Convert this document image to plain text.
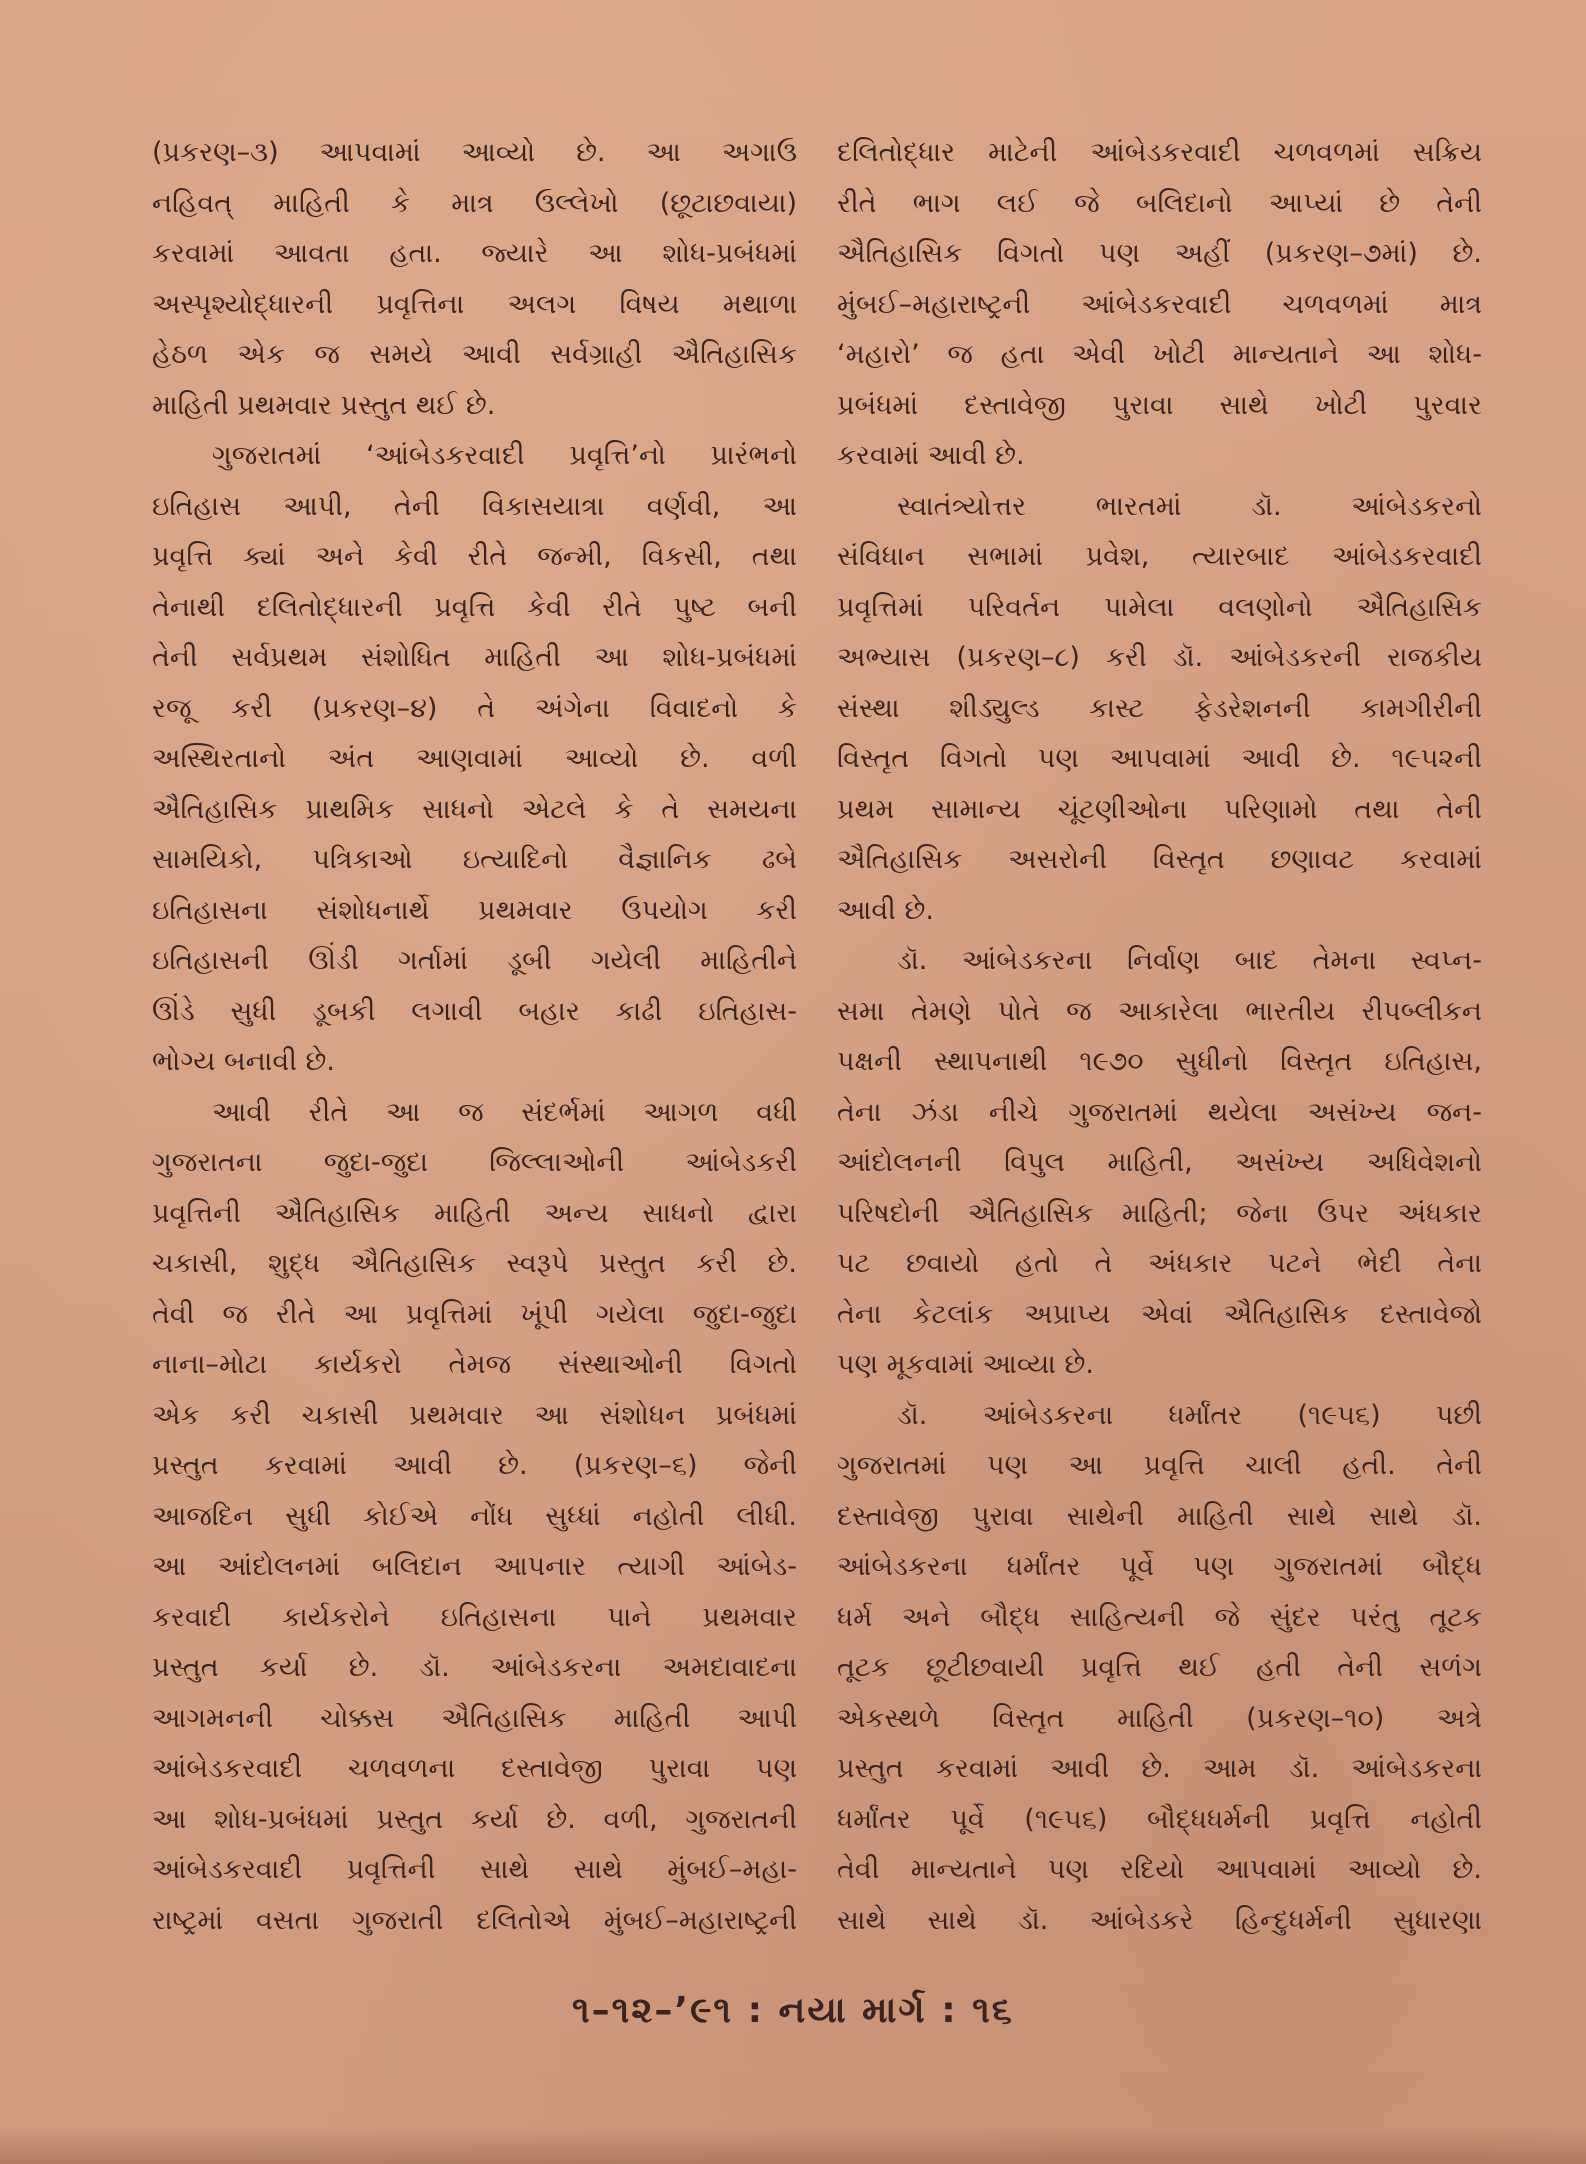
(પ્રકરણ–૩) આપવામાં આવ્યો છે. આ અગાઉ
નહિવત્ માહિતી કે માત્ર ઉલ્લેખો (છૂટાછવાયા)
કરવામાં આવતા હતા. જ્યારે આ શોધ-પ્રબંધમાં
અસ્પૃશ્યોદ્ધારની પ્રવૃત્તિના અલગ વિષય મથાળા
હેઠળ એક જ સમયે આવી સર્વગ્રાહી ઐતિહાસિક
માહિતી પ્રથમવાર પ્રસ્તુત થઈ છે.
ગુજરાતમાં ‘આંબેડકરવાદી પ્રવૃત્તિ’નો પ્રારંભનો
ઇતિહાસ આપી, તેની વિકાસયાત્રા વર્ણવી, આ
પ્રવૃત્તિ ક્યાં અને કેવી રીતે જન્મી, વિકસી, તથા
તેનાથી દલિતોદ્ધારની પ્રવૃત્તિ કેવી રીતે પુષ્ટ બની
તેની સર્વપ્રથમ સંશોધિત માહિતી આ શોધ-પ્રબંધમાં
રજૂ કરી (પ્રકરણ–૪) તે અંગેના વિવાદનો કે
અસ્થિરતાનો અંત આણવામાં આવ્યો છે. વળી
ઐતિહાસિક પ્રાથમિક સાધનો એટલે કે તે સમયના
સામયિકો, પત્રિકાઓ ઇત્યાદિનો વૈજ્ઞાનિક ઢબે
ઇતિહાસના સંશોધનાર્થે પ્રથમવાર ઉપયોગ કરી
ઇતિહાસની ઊંડી ગર્તામાં ડૂબી ગયેલી માહિતીને
ઊંડે સુધી ડૂબકી લગાવી બહાર કાઢી ઇતિહાસ-
ભોગ્ય બનાવી છે.
આવી રીતે આ જ સંદર્ભમાં આગળ વધી
ગુજરાતના જુદા-જુદા જિલ્લાઓની આંબેડકરી
પ્રવૃત્તિની ઐતિહાસિક માહિતી અન્ય સાધનો દ્વારા
ચકાસી, શુદ્ધ ઐતિહાસિક સ્વરૂપે પ્રસ્તુત કરી છે.
તેવી જ રીતે આ પ્રવૃત્તિમાં ખૂંપી ગયેલા જુદા-જુદા
નાના–મોટા કાર્યકરો તેમજ સંસ્થાઓની વિગતો
એક કરી ચકાસી પ્રથમવાર આ સંશોધન પ્રબંધમાં
પ્રસ્તુત કરવામાં આવી છે. (પ્રકરણ–૬) જેની
આજદિન સુધી કોઈએ નોંધ સુધ્ધાં નહોતી લીધી.
આ આંદોલનમાં બલિદાન આપનાર ત્યાગી આંબેડ-
કરવાદી કાર્યકરોને ઇતિહાસના પાને પ્રથમવાર
પ્રસ્તુત કર્યા છે. ડૉ. આંબેડકરના અમદાવાદના
આગમનની ચોક્કસ ઐતિહાસિક માહિતી આપી
આંબેડકરવાદી ચળવળના દસ્તાવેજી પુરાવા પણ
આ શોધ-પ્રબંધમાં પ્રસ્તુત કર્યા છે. વળી, ગુજરાતની
આંબેડકરવાદી પ્રવૃત્તિની સાથે સાથે મુંબઈ–મહા-
રાષ્ટ્રમાં વસતા ગુજરાતી દલિતોએ મુંબઈ–મહારાષ્ટ્રની
દલિતોદ્ધાર માટેની આંબેડકરવાદી ચળવળમાં સક્રિય
રીતે ભાગ લઈ જે બલિદાનો આપ્યાં છે તેની
ઐતિહાસિક વિગતો પણ અહીં (પ્રકરણ–૭માં) છે.
મુંબઈ–મહારાષ્ટ્રની આંબેડકરવાદી ચળવળમાં માત્ર
‘મહારો’ જ હતા એવી ખોટી માન્યતાને આ શોધ-
પ્રબંધમાં દસ્તાવેજી પુરાવા સાથે ખોટી પુરવાર
કરવામાં આવી છે.
સ્વાતંત્ર્યોત્તર ભારતમાં ડૉ. આંબેડકરનો
સંવિધાન સભામાં પ્રવેશ, ત્યારબાદ આંબેડકરવાદી
પ્રવૃત્તિમાં પરિવર્તન પામેલા વલણોનો ઐતિહાસિક
અભ્યાસ (પ્રકરણ–૮) કરી ડૉ. આંબેડકરની રાજકીય
સંસ્થા શીડ્યુલ્ડ કાસ્ટ ફેડરેશનની કામગીરીની
વિસ્તૃત વિગતો પણ આપવામાં આવી છે. ૧૯૫૨ની
પ્રથમ સામાન્ય ચૂંટણીઓના પરિણામો તથા તેની
ઐતિહાસિક અસરોની વિસ્તૃત છણાવટ કરવામાં
આવી છે.
ડૉ. આંબેડકરના નિર્વાણ બાદ તેમના સ્વપ્ન-
સમા તેમણે પોતે જ આકારેલા ભારતીય રીપબ્લીકન
પક્ષની સ્થાપનાથી ૧૯૭૦ સુધીનો વિસ્તૃત ઇતિહાસ,
તેના ઝંડા નીચે ગુજરાતમાં થયેલા અસંખ્ય જન-
આંદોલનની વિપુલ માહિતી, અસંખ્ય અધિવેશનો
પરિષદોની ઐતિહાસિક માહિતી; જેના ઉપર અંધકાર
પટ છવાયો હતો તે અંધકાર પટને ભેદી તેના
તેના કેટલાંક અપ્રાપ્ય એવાં ઐતિહાસિક દસ્તાવેજો
પણ મૂકવામાં આવ્યા છે.
ડૉ. આંબેડકરના ધર્માંતર (૧૯૫૬) પછી
ગુજરાતમાં પણ આ પ્રવૃત્તિ ચાલી હતી. તેની
દસ્તાવેજી પુરાવા સાથેની માહિતી સાથે સાથે ડૉ.
આંબેડકરના ધર્માંતર પૂર્વે પણ ગુજરાતમાં બૌદ્ધ
ધર્મ અને બૌદ્ધ સાહિત્યની જે સુંદર પરંતુ તૂટક
તૂટક છૂટીછવાયી પ્રવૃત્તિ થઈ હતી તેની સળંગ
એકસ્થળે વિસ્તૃત માહિતી (પ્રકરણ–૧૦) અત્રે
પ્રસ્તુત કરવામાં આવી છે. આમ ડૉ. આંબેડકરના
ધર્માંતર પૂર્વે (૧૯૫૬) બૌદ્ધધર્મની પ્રવૃત્તિ નહોતી
તેવી માન્યતાને પણ રદિયો આપવામાં આવ્યો છે.
સાથે સાથે ડૉ. આંબેડકરે હિન્દુધર્મની સુધારણા
૧–૧૨–’૯૧ : નયા માર્ગ : ૧૬
